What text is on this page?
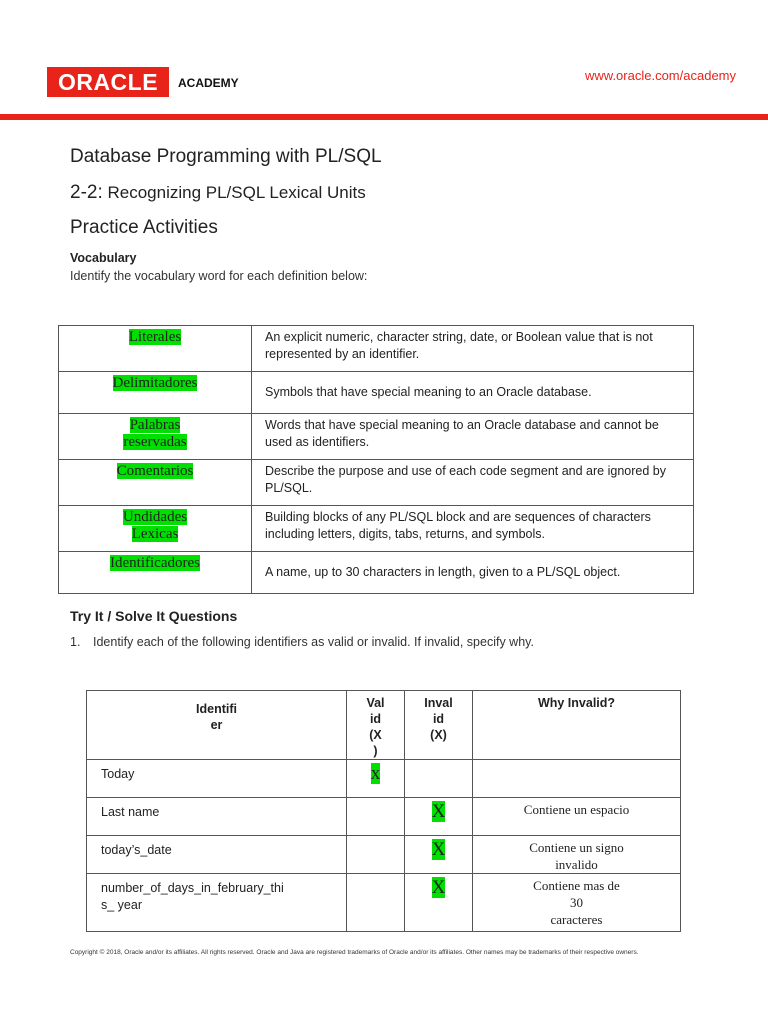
ORACLE ACADEMY	www.oracle.com/academy
Database Programming with PL/SQL
2-2: Recognizing PL/SQL Lexical Units
Practice Activities
Vocabulary
Identify the vocabulary word for each definition below:
Literales	An explicit numeric, character string, date, or Boolean value that is not represented by an identifier.
Delimitadores	Symbols that have special meaning to an Oracle database.
Palabras
reservadas	Words that have special meaning to an Oracle database and cannot be used as identifiers.
Comentarios	Describe the purpose and use of each code segment and are ignored by PL/SQL.
Undidades
Lexicas	Building blocks of any PL/SQL block and are sequences of characters including letters, digits, tabs, returns, and symbols.
Identificadores	A name, up to 30 characters in length, given to a PL/SQL object.
Try It / Solve It Questions
1. Identify each of the following identifiers as valid or invalid. If invalid, specify why.
Identifi
er	Val
id
(X
)	Inval
id
(X)	Why Invalid?
Today	x		
Last name		X	Contiene un espacio
today’s_date		X	Contiene un signo
invalido
number_of_days_in_february_thi
s_ year		X	Contiene mas de
30
caracteres
Copyright © 2018, Oracle and/or its affiliates. All rights reserved. Oracle and Java are registered trademarks of Oracle and/or its affiliates. Other names may be trademarks of their respective owners.
